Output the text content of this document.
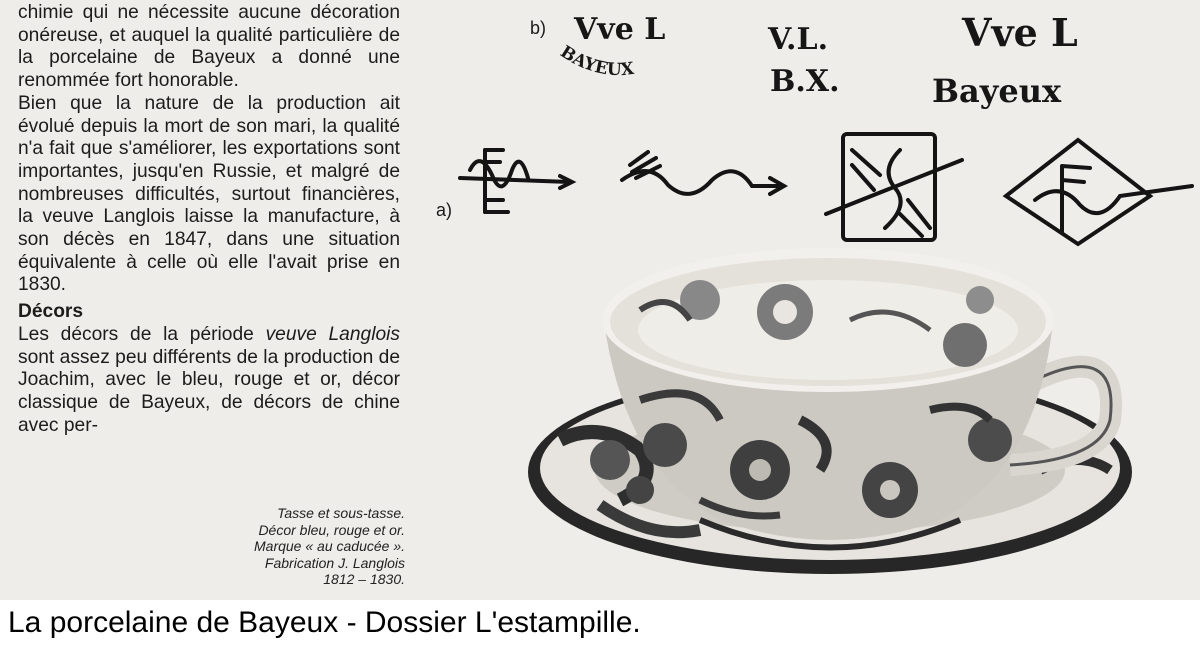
chimie qui ne nécessite aucune décoration onéreuse, et auquel la qualité particulière de la porcelaine de Bayeux a donné une renommée fort honorable.

Bien que la nature de la production ait évolué depuis la mort de son mari, la qualité n'a fait que s'améliorer, les exportations sont importantes, jusqu'en Russie, et malgré de nombreuses difficultés, surtout financières, la veuve Langlois laisse la manufacture, à son décès en 1847, dans une situation équivalente à celle où elle l'avait prise en 1830.

Décors

Les décors de la période veuve Langlois sont assez peu différents de la production de Joachim, avec le bleu, rouge et or, décor classique de Bayeux, de décors de chine avec per-

Tasse et sous-tasse.
Décor bleu, rouge et or.
Marque « au caducée ».
Fabrication J. Langlois
1812 – 1830.
BAYEUX
b)
a)
Vve L	V.L.
B.X.
Vve L
Bayeux
La porcelaine de Bayeux - Dossier L'estampille.
